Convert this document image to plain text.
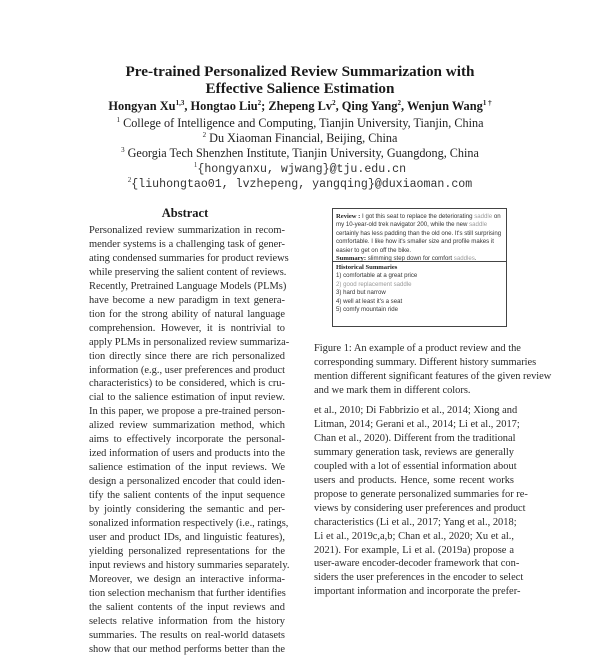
Pre-trained Personalized Review Summarization with
Effective Salience Estimation
Hongyan Xu$^{1,3}$, Hongtao Liu$^2$; Zhepeng Lv$^2$, Qing Yang$^2$, Wenjun Wang$^{1 \dagger}$
$^1$ College of Intelligence and Computing, Tianjin University, Tianjin, China
$^2$ Du Xiaoman Financial, Beijing, China
$^3$ Georgia Tech Shenzhen Institute, Tianjin University, Guangdong, China
$^1${hongyanxu, wjwang}@tju.edu.cn
$^2${liuhongtao01, lvzhepeng, yangqing}@duxiaoman.com
Abstract
Personalized review summarization in recom-
mender systems is a challenging task of gener-
ating condensed summaries for product reviews
while preserving the salient content of reviews.
Recently, Pretrained Language Models (PLMs)
have become a new paradigm in text genera-
tion for the strong ability of natural language
comprehension. However, it is nontrivial to
apply PLMs in personalized review summariza-
tion directly since there are rich personalized
information (e.g., user preferences and product
characteristics) to be considered, which is cru-
cial to the salience estimation of input review.
In this paper, we propose a pre-trained person-
alized review summarization method, which
aims to effectively incorporate the personal-
ized information of users and products into the
salience estimation of the input reviews. We
design a personalized encoder that could iden-
tify the salient contents of the input sequence
by jointly considering the semantic and per-
sonalized information respectively (i.e., ratings,
user and product IDs, and linguistic features),
yielding personalized representations for the
input reviews and history summaries separately.
Moreover, we design an interactive informa-
tion selection mechanism that further identifies
the salient contents of the input reviews and
selects relative information from the history
summaries. The results on real-world datasets
show that our method performs better than the
Review : I got this seat to replace the deteriorating saddle on my 10-year-old trek navigator 200, while the new saddle certainly has less padding than the old one. It's still surprising comfortable. I like how it's smaller size and profile makes it easier to get on off the bike.
Summary: slimming step down for comfort saddles.
Historical Summaries
1) comfortable at a great price
2) good replacement saddle
3) hard but narrow
4) well at least it's a seat
5) comfy mountain ride
Figure 1: An example of a product review and the
corresponding summary. Different history summaries
mention different significant features of the given review
and we mark them in different colors.
et al., 2010; Di Fabbrizio et al., 2014; Xiong and
Litman, 2014; Gerani et al., 2014; Li et al., 2017;
Chan et al., 2020). Different from the traditional
summary generation task, reviews are generally
coupled with a lot of essential information about
users and products. Hence, some recent works
propose to generate personalized summaries for re-
views by considering user preferences and product
characteristics (Li et al., 2017; Yang et al., 2018;
Li et al., 2019c,a,b; Chan et al., 2020; Xu et al.,
2021). For example, Li et al. (2019a) propose a
user-aware encoder-decoder framework that con-
siders the user preferences in the encoder to select
important information and incorporate the prefer-
